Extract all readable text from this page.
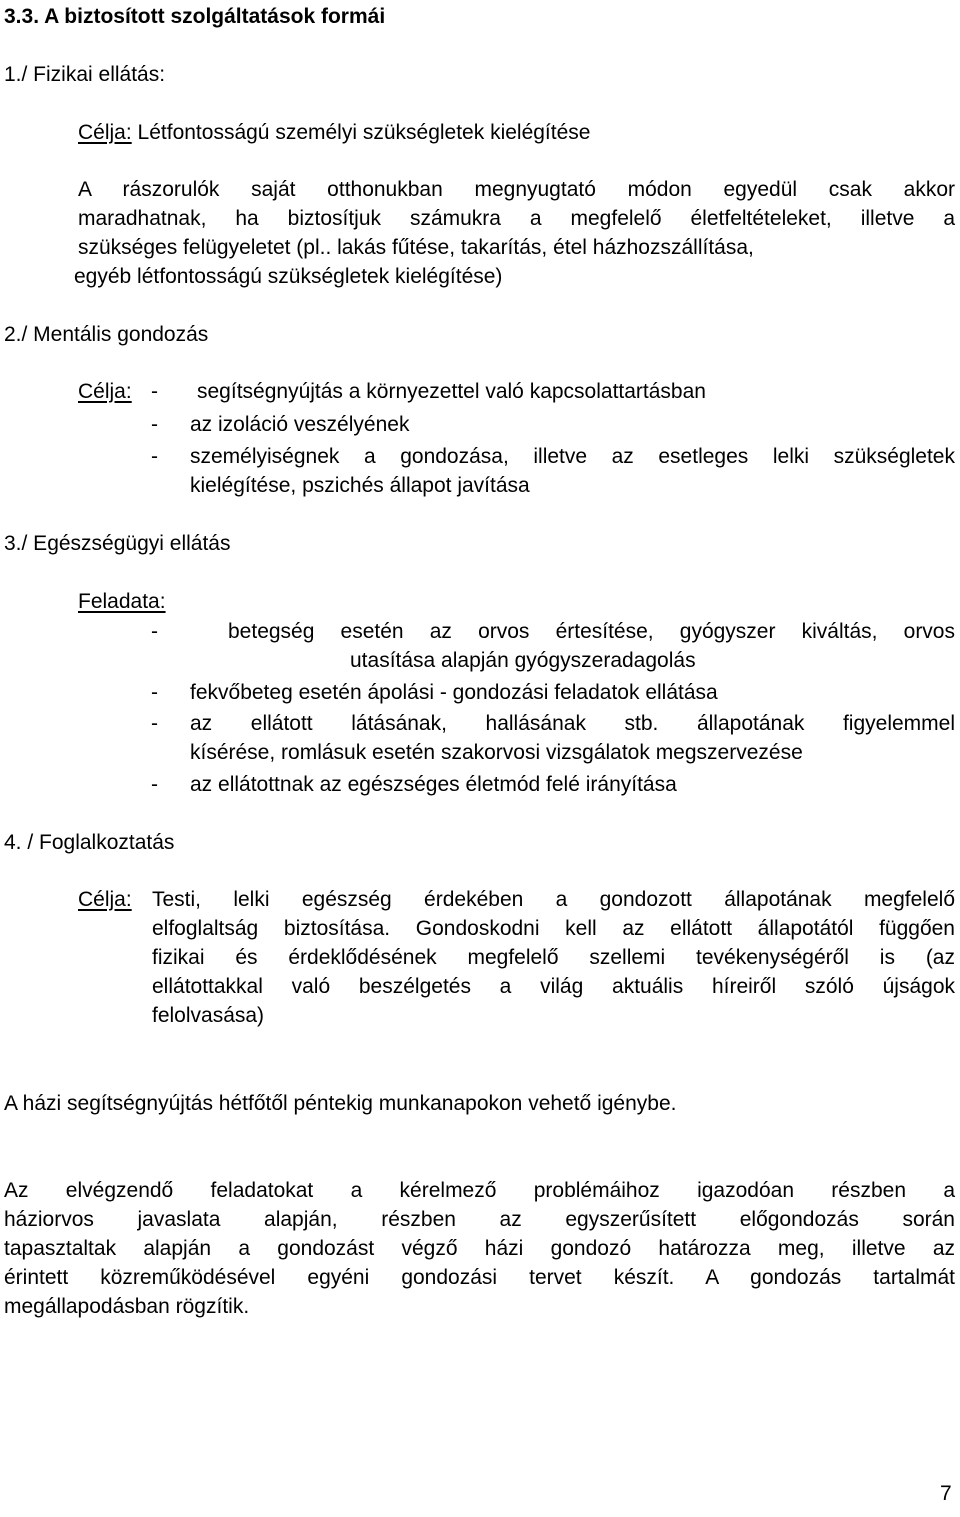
3.3. A biztosított szolgáltatások formái
1./ Fizikai ellátás:
Célja: Létfontosságú személyi szükségletek kielégítése
A rászorulók saját otthonukban megnyugtató módon egyedül csak akkor
maradhatnak, ha biztosítjuk számukra a megfelelő életfeltételeket, illetve a
szükséges felügyeletet (pl.. lakás fűtése, takarítás, étel házhozszállítása,
egyéb létfontosságú szükségletek kielégítése)
2./ Mentális gondozás
Célja: - segítségnyújtás a környezettel való kapcsolattartásban
- az izoláció veszélyének
- személyiségnek a gondozása, illetve az esetleges lelki szükségletek
kielégítése, pszichés állapot javítása
3./ Egészségügyi ellátás
Feladata:
-	betegség esetén az orvos értesítése, gyógyszer kiváltás, orvos
utasítása alapján gyógyszeradagolás
- fekvőbeteg esetén ápolási - gondozási feladatok ellátása
- az ellátott látásának, hallásának stb. állapotának figyelemmel
kísérése, romlásuk esetén szakorvosi vizsgálatok megszervezése
- az ellátottnak az egészséges életmód felé irányítása
4. / Foglalkoztatás
Célja: Testi, lelki egészség érdekében a gondozott állapotának megfelelő
elfoglaltság biztosítása. Gondoskodni kell az ellátott állapotától függően
fizikai és érdeklődésének megfelelő szellemi tevékenységéről is (az
ellátottakkal való beszélgetés a világ aktuális híreiről szóló újságok
felolvasása)
A házi segítségnyújtás hétfőtől péntekig munkanapokon vehető igénybe.
Az elvégzendő feladatokat a kérelmező problémáihoz igazodóan részben a
háziorvos javaslata alapján, részben az egyszerűsített előgondozás során
tapasztaltak alapján a gondozást végző házi gondozó határozza meg, illetve az
érintett közreműködésével egyéni gondozási tervet készít. A gondozás tartalmát
megállapodásban rögzítik.
7
